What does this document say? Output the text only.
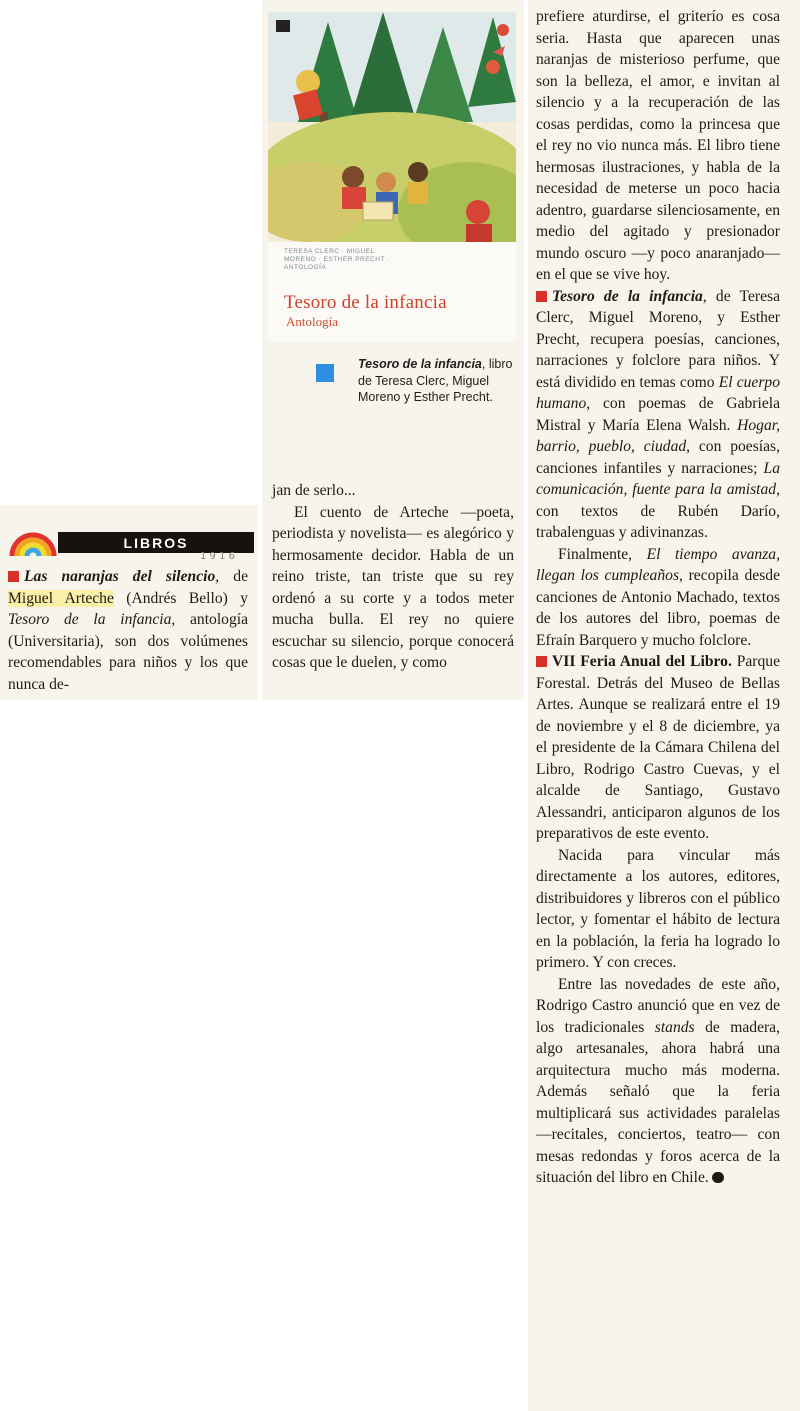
TERESA CLERC · MIGUEL MORENO · ESTHER PRECHT · ANTOLOGÍA
Tesoro de la infancia
Antología
Tesoro de la infancia, libro de Teresa Clerc, Miguel Moreno y Esther Precht.
LIBROS
1 9 1 6

Las naranjas del silencio, de Miguel Arteche (Andrés Bello) y Tesoro de la infancia, antología (Universitaria), son dos volúmenes recomendables para niños y los que nunca de-

jan de serlo...

El cuento de Arteche —poeta, periodista y novelista— es alegórico y hermosamente decidor. Habla de un reino triste, tan triste que su rey ordenó a su corte y a todos meter mucha bulla. El rey no quiere escuchar su silencio, porque conocerá cosas que le duelen, y como

prefiere aturdirse, el griterío es cosa seria. Hasta que aparecen unas naranjas de misterioso perfume, que son la belleza, el amor, e invitan al silencio y a la recuperación de las cosas perdidas, como la princesa que el rey no vio nunca más. El libro tiene hermosas ilustraciones, y habla de la necesidad de meterse un poco hacia adentro, guardarse silenciosamente, en medio del agitado y presionador mundo oscuro —y poco anaranjado— en el que se vive hoy.

Tesoro de la infancia, de Teresa Clerc, Miguel Moreno, y Esther Precht, recupera poesías, canciones, narraciones y folclore para niños. Y está dividido en temas como El cuerpo humano, con poemas de Gabriela Mistral y María Elena Walsh. Hogar, barrio, pueblo, ciudad, con poesías, canciones infantiles y narraciones; La comunicación, fuente para la amistad, con textos de Rubén Darío, trabalenguas y adivinanzas.

Finalmente, El tiempo avanza, llegan los cumpleaños, recopila desde canciones de Antonio Machado, textos de los autores del libro, poemas de Efraín Barquero y mucho folclore.

VII Feria Anual del Libro. Parque Forestal. Detrás del Museo de Bellas Artes. Aunque se realizará entre el 19 de noviembre y el 8 de diciembre, ya el presidente de la Cámara Chilena del Libro, Rodrigo Castro Cuevas, y el alcalde de Santiago, Gustavo Alessandri, anticiparon algunos de los preparativos de este evento.

Nacida para vincular más directamente a los autores, editores, distribuidores y libreros con el público lector, y fomentar el hábito de lectura en la población, la feria ha logrado lo primero. Y con creces.

Entre las novedades de este año, Rodrigo Castro anunció que en vez de los tradicionales stands de madera, algo artesanales, ahora habrá una arquitectura mucho más moderna. Además señaló que la feria multiplicará sus actividades paralelas —recitales, conciertos, teatro— con mesas redondas y foros acerca de la situación del libro en Chile.
